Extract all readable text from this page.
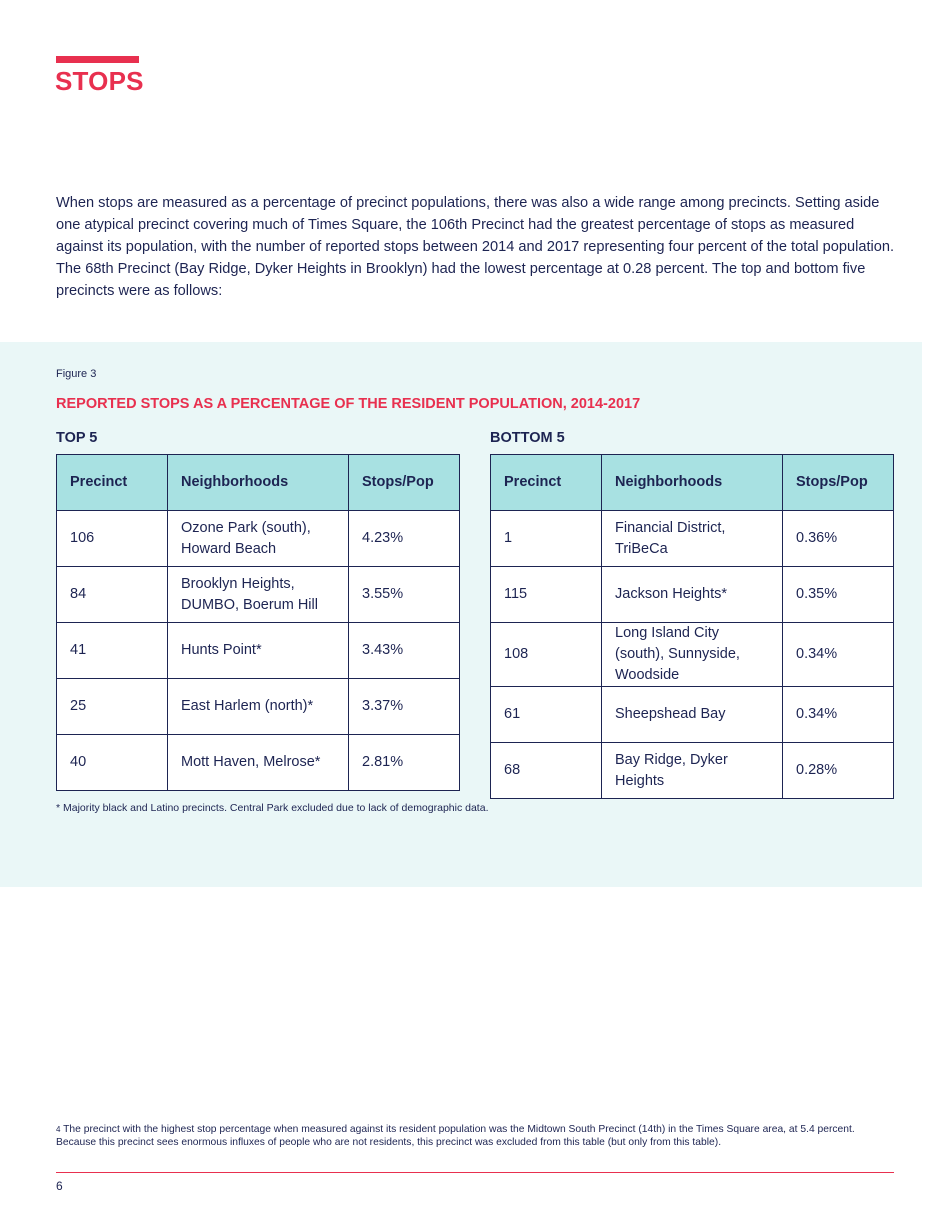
STOPS

When stops are measured as a percentage of precinct populations, there was also a wide range among precincts. Setting aside one atypical precinct covering much of Times Square, the 106th Precinct had the greatest percentage of stops as measured against its population, with the number of reported stops between 2014 and 2017 representing four percent of the total population. The 68th Precinct (Bay Ridge, Dyker Heights in Brooklyn) had the lowest percentage at 0.28 percent. The top and bottom five precincts were as follows:

Figure 3
REPORTED STOPS AS A PERCENTAGE OF THE RESIDENT POPULATION, 2014-2017
TOP 5
Precinct	Neighborhoods	Stops/Pop
106	Ozone Park (south), Howard Beach	4.23%
84	Brooklyn Heights, DUMBO, Boerum Hill	3.55%
41	Hunts Point*	3.43%
25	East Harlem (north)*	3.37%
40	Mott Haven, Melrose*	2.81%
BOTTOM 5
Precinct	Neighborhoods	Stops/Pop
1	Financial District, TriBeCa	0.36%
115	Jackson Heights*	0.35%
108	Long Island City (south), Sunnyside, Woodside	0.34%
61	Sheepshead Bay	0.34%
68	Bay Ridge, Dyker Heights	0.28%

* Majority black and Latino precincts. Central Park excluded due to lack of demographic data.

$^4$ The precinct with the highest stop percentage when measured against its resident population was the Midtown South Precinct (14th) in the Times Square area, at 5.4 percent. Because this precinct sees enormous influxes of people who are not residents, this precinct was excluded from this table (but only from this table).

6
